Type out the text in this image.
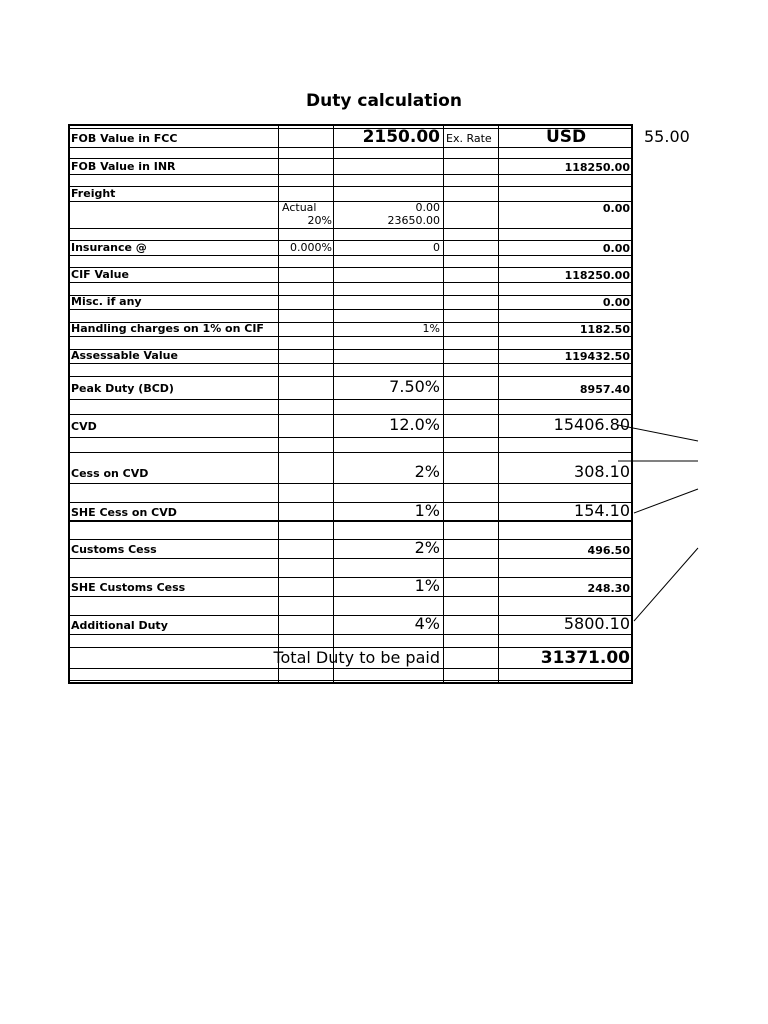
Duty calculation
FOB Value in FCC	2150.00 Ex. Rate	USD	55.00
FOB Value in INR	118250.00
Freight
Actual	0.00	0.00
20%	23650.00
Insurance @	0.000%	0	0.00
CIF Value	118250.00
Misc. if any	0.00
Handling charges on 1% on CIF	1%	1182.50
Assessable Value	119432.50
Peak Duty (BCD)	7.50%	8957.40
CVD	12.0%	15406.80
Cess on CVD	2%	308.10
SHE Cess on CVD	1%	154.10
Customs Cess	2%	496.50
SHE Customs Cess	1%	248.30
Additional Duty	4%	5800.10
Total Duty to be paid	31371.00
